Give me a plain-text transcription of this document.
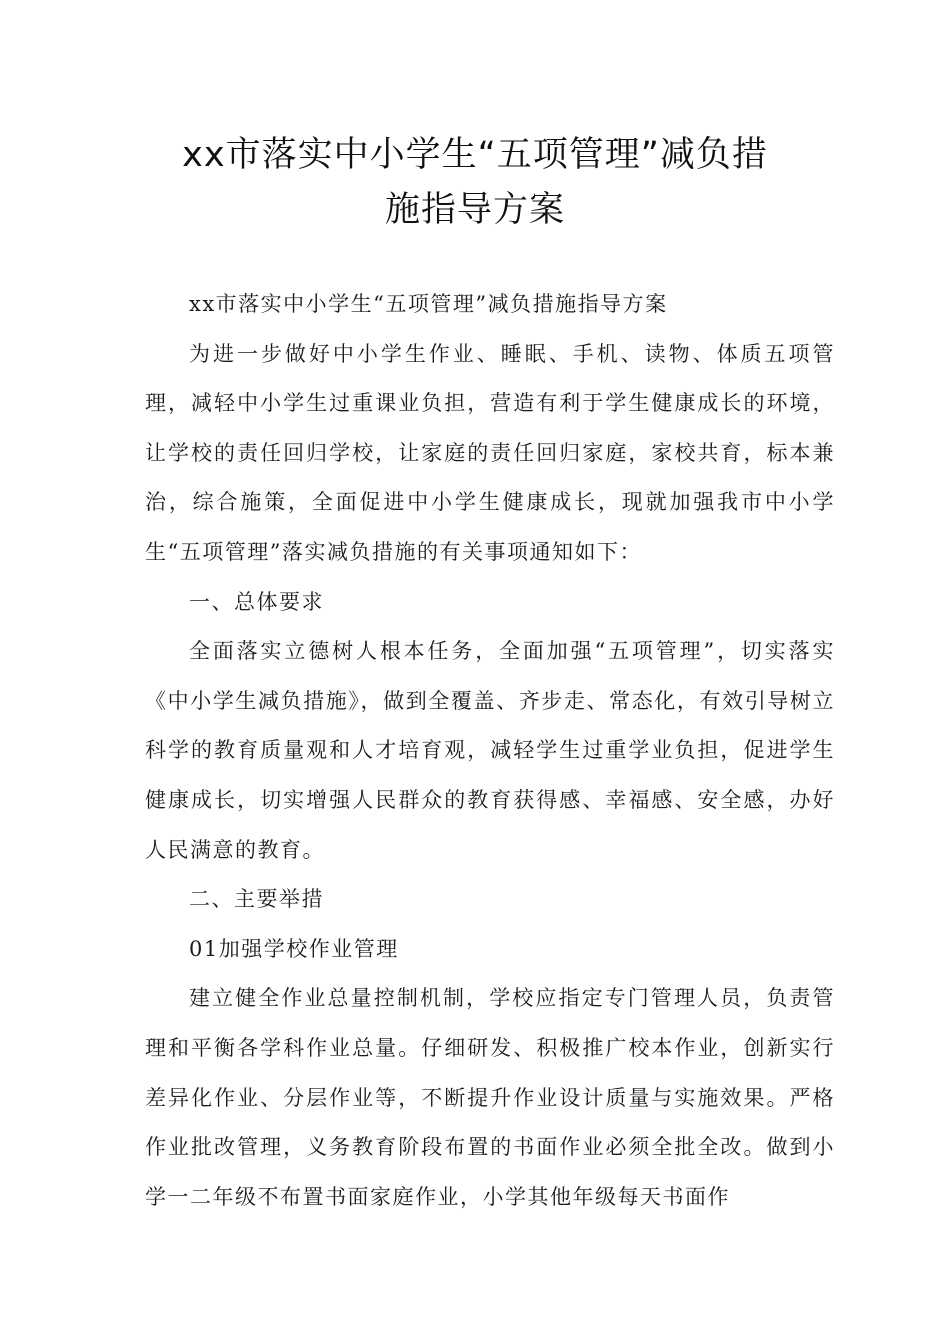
xx市落实中小学生“五项管理”减负措
施指导方案

xx市落实中小学生“五项管理”减负措施指导方案

为进一步做好中小学生作业、睡眠、手机、读物、体质五项管理，减轻中小学生过重课业负担，营造有利于学生健康成长的环境，让学校的责任回归学校，让家庭的责任回归家庭，家校共育，标本兼治，综合施策，全面促进中小学生健康成长，现就加强我市中小学生“五项管理”落实减负措施的有关事项通知如下：

一、总体要求

全面落实立德树人根本任务，全面加强“五项管理”，切实落实《中小学生减负措施》，做到全覆盖、齐步走、常态化，有效引导树立科学的教育质量观和人才培育观，减轻学生过重学业负担，促进学生健康成长，切实增强人民群众的教育获得感、幸福感、安全感，办好人民满意的教育。

二、主要举措

01加强学校作业管理

建立健全作业总量控制机制，学校应指定专门管理人员，负责管理和平衡各学科作业总量。仔细研发、积极推广校本作业，创新实行差异化作业、分层作业等，不断提升作业设计质量与实施效果。严格作业批改管理，义务教育阶段布置的书面作业必须全批全改。做到小学一二年级不布置书面家庭作业，小学其他年级每天书面作
